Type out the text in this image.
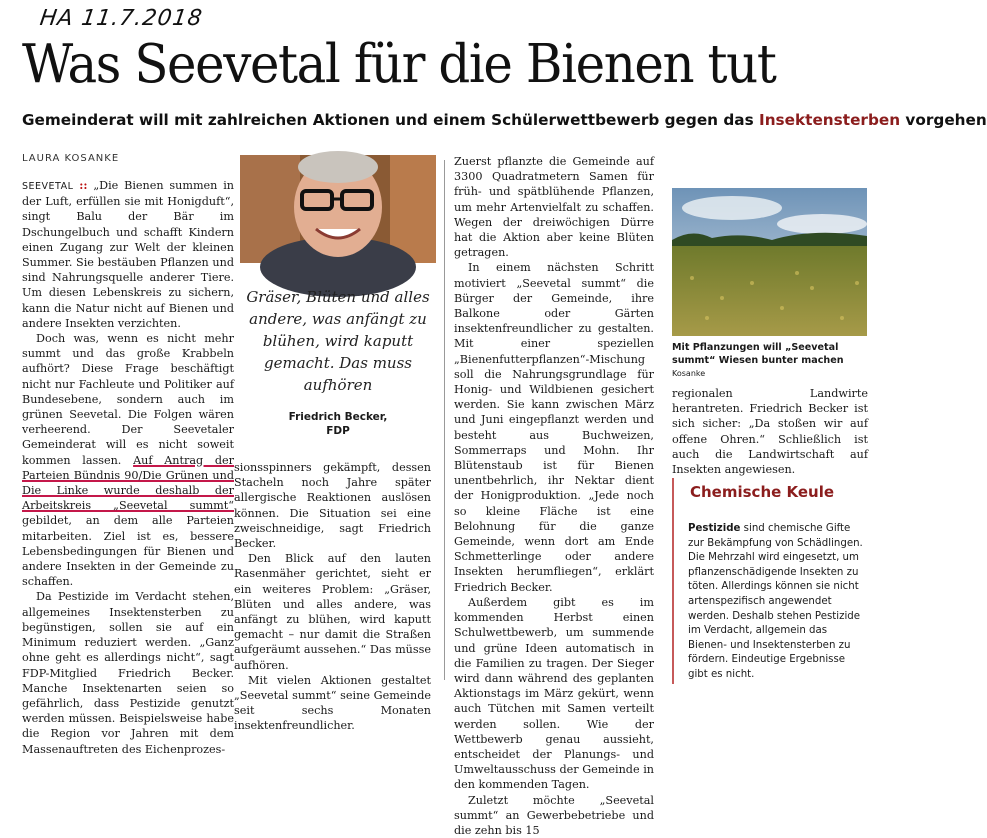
HA 11.7.2018
Was Seevetal für die Bienen tut
Gemeinderat will mit zahlreichen Aktionen und einem Schülerwettbewerb gegen das Insektensterben vorgehen
LAURA KOSANKE

SEEVETAL :: „Die Bienen summen in der Luft, erfüllen sie mit Honigduft“, singt Balu der Bär im Dschungelbuch und schafft Kindern einen Zugang zur Welt der kleinen Summer. Sie bestäuben Pflanzen und sind Nahrungsquelle anderer Tiere. Um diesen Lebenskreis zu sichern, kann die Natur nicht auf Bienen und andere Insekten verzichten.

Doch was, wenn es nicht mehr summt und das große Krabbeln aufhört? Diese Frage beschäftigt nicht nur Fachleute und Politiker auf Bundesebene, sondern auch im grünen Seevetal. Die Folgen wären verheerend. Der Seevetaler Gemeinderat will es nicht soweit kommen lassen. Auf Antrag der Parteien Bündnis 90/Die Grünen und Die Linke wurde deshalb der Arbeitskreis „Seevetal summt“ gebildet, an dem alle Parteien mitarbeiten. Ziel ist es, bessere Lebensbedingungen für Bienen und andere Insekten in der Gemeinde zu schaffen.

Da Pestizide im Verdacht stehen, allgemeines Insektensterben zu begünstigen, sollen sie auf ein Minimum reduziert werden. „Ganz ohne geht es allerdings nicht“, sagt FDP-Mitglied Friedrich Becker. Manche Insektenarten seien so gefährlich, dass Pestizide genutzt werden müssen. Beispielsweise habe die Region vor Jahren mit dem Massenauftreten des Eichenprozes-

Gräser, Blüten und alles andere, was anfängt zu blühen, wird kaputt gemacht. Das muss aufhören
Friedrich Becker,
FDP

sionsspinners gekämpft, dessen Stacheln noch Jahre später allergische Reaktionen auslösen können. Die Situation sei eine zweischneidige, sagt Friedrich Becker.

Den Blick auf den lauten Rasenmäher gerichtet, sieht er ein weiteres Problem: „Gräser, Blüten und alles andere, was anfängt zu blühen, wird kaputt gemacht – nur damit die Straßen aufgeräumt aussehen.“ Das müsse aufhören.

Mit vielen Aktionen gestaltet „Seevetal summt“ seine Gemeinde seit sechs Monaten insektenfreundlicher.

Zuerst pflanzte die Gemeinde auf 3300 Quadratmetern Samen für früh- und spätblühende Pflanzen, um mehr Artenvielfalt zu schaffen. Wegen der dreiwöchigen Dürre hat die Aktion aber keine Blüten getragen.

In einem nächsten Schritt motiviert „Seevetal summt“ die Bürger der Gemeinde, ihre Balkone oder Gärten insektenfreundlicher zu gestalten. Mit einer speziellen „Bienenfutterpflanzen“-Mischung soll die Nahrungsgrundlage für Honig- und Wildbienen gesichert werden. Sie kann zwischen März und Juni eingepflanzt werden und besteht aus Buchweizen, Sommerraps und Mohn. Ihr Blütenstaub ist für Bienen unentbehrlich, ihr Nektar dient der Honigproduktion. „Jede noch so kleine Fläche ist eine Belohnung für die ganze Gemeinde, wenn dort am Ende Schmetterlinge oder andere Insekten herumfliegen“, erklärt Friedrich Becker.

Außerdem gibt es im kommenden Herbst einen Schulwettbewerb, um summende und grüne Ideen automatisch in die Familien zu tragen. Der Sieger wird dann während des geplanten Aktionstags im März gekürt, wenn auch Tütchen mit Samen verteilt werden sollen. Wie der Wettbewerb genau aussieht, entscheidet der Planungs- und Umweltausschuss der Gemeinde in den kommenden Tagen.

Zuletzt möchte „Seevetal summt“ an Gewerbebetriebe und die zehn bis 15

Mit Pflanzungen will „Seevetal summt“ Wiesen bunter machen Kosanke

regionalen Landwirte herantreten. Friedrich Becker ist sich sicher: „Da stoßen wir auf offene Ohren.“ Schließlich ist auch die Landwirtschaft auf Insekten angewiesen.

Chemische Keule
Pestizide sind chemische Gifte zur Bekämpfung von Schädlingen. Die Mehrzahl wird eingesetzt, um pflanzenschädigende Insekten zu töten. Allerdings können sie nicht artenspezifisch angewendet werden. Deshalb stehen Pestizide im Verdacht, allgemein das Bienen- und Insektensterben zu fördern. Eindeutige Ergebnisse gibt es nicht.
